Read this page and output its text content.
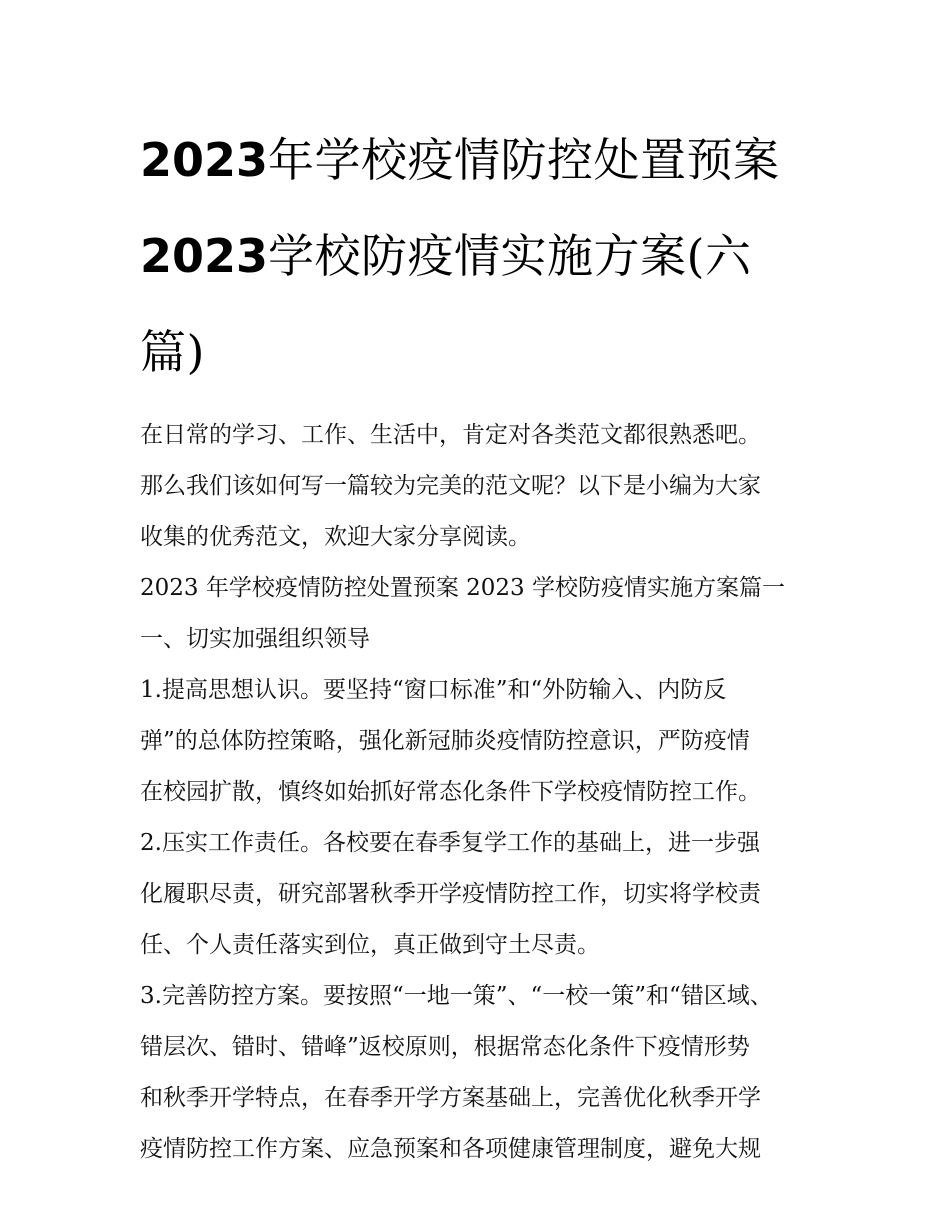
2023年学校疫情防控处置预案
2023学校防疫情实施方案(六
篇)
在日常的学习、工作、生活中，肯定对各类范文都很熟悉吧。
那么我们该如何写一篇较为完美的范文呢？以下是小编为大家
收集的优秀范文，欢迎大家分享阅读。
2023 年学校疫情防控处置预案 2023 学校防疫情实施方案篇一
一、切实加强组织领导
1.提高思想认识。要坚持“窗口标准”和“外防输入、内防反
弹”的总体防控策略，强化新冠肺炎疫情防控意识，严防疫情
在校园扩散，慎终如始抓好常态化条件下学校疫情防控工作。
2.压实工作责任。各校要在春季复学工作的基础上，进一步强
化履职尽责，研究部署秋季开学疫情防控工作，切实将学校责
任、个人责任落实到位，真正做到守土尽责。
3.完善防控方案。要按照“一地一策”、“一校一策”和“错区域、
错层次、错时、错峰”返校原则，根据常态化条件下疫情形势
和秋季开学特点，在春季开学方案基础上，完善优化秋季开学
疫情防控工作方案、应急预案和各项健康管理制度，避免大规
